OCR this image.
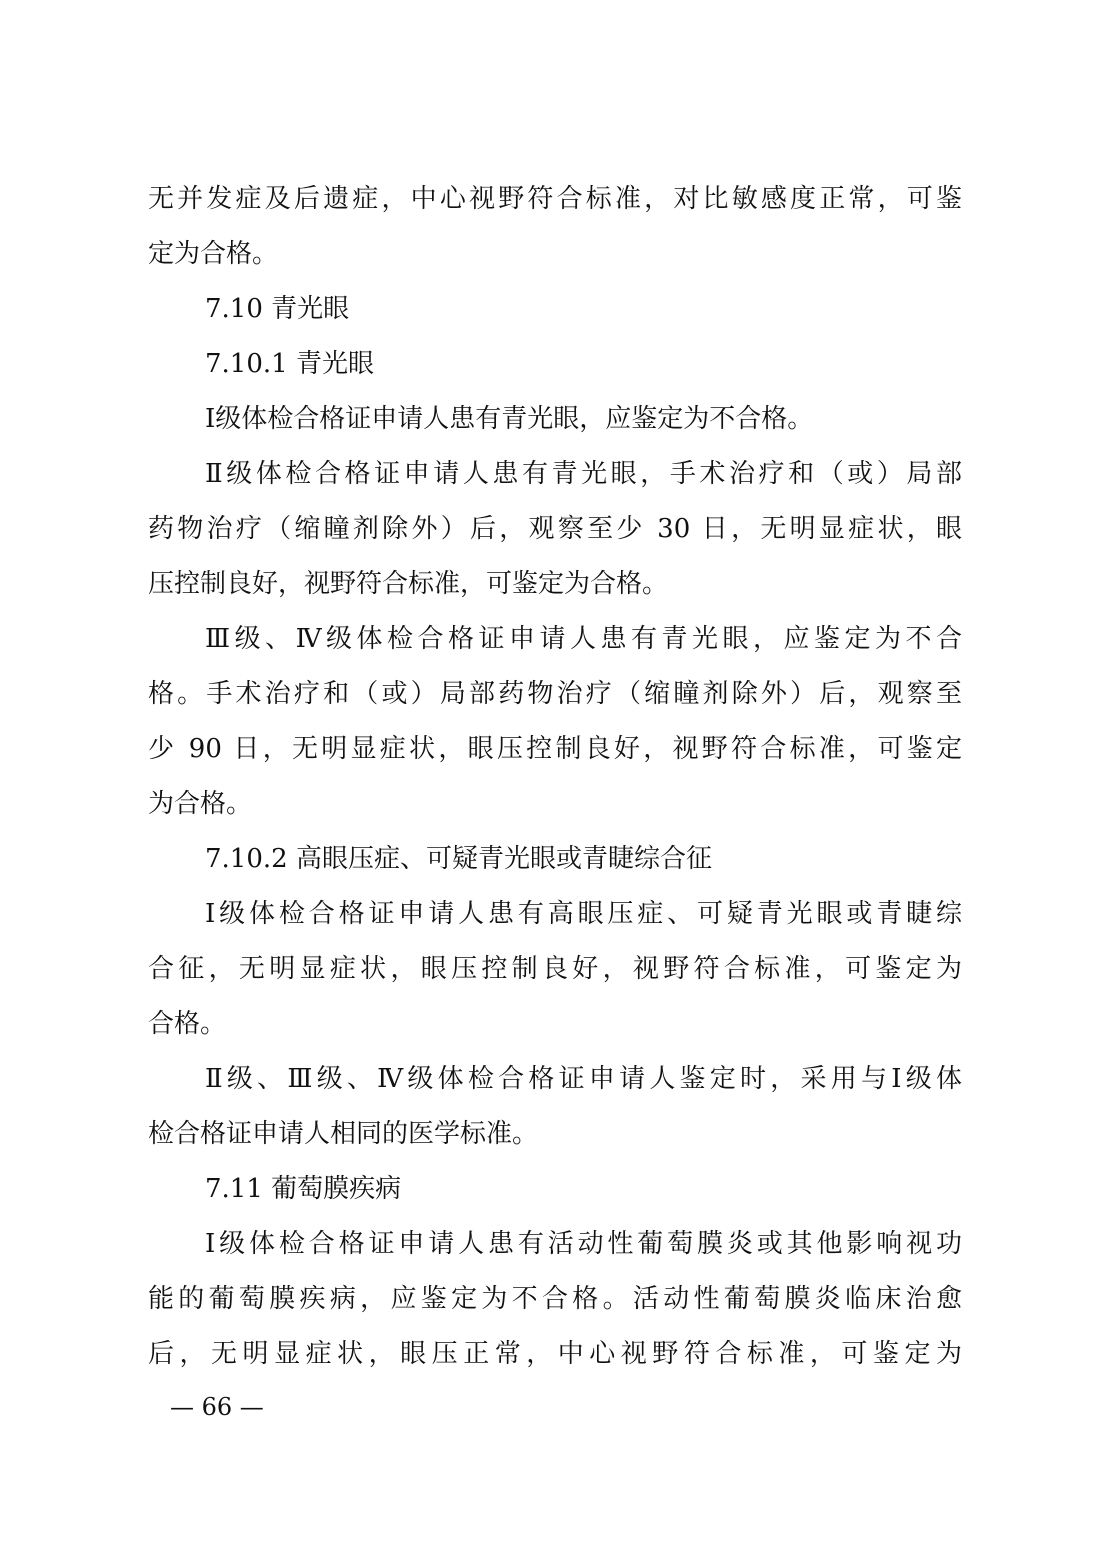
无并发症及后遗症，中心视野符合标准，对比敏感度正常，可鉴
定为合格。
7.10 青光眼
7.10.1 青光眼
Ⅰ级体检合格证申请人患有青光眼，应鉴定为不合格。
Ⅱ级体检合格证申请人患有青光眼，手术治疗和（或）局部
药物治疗（缩瞳剂除外）后，观察至少 30 日，无明显症状，眼
压控制良好，视野符合标准，可鉴定为合格。
Ⅲ级、Ⅳ级体检合格证申请人患有青光眼，应鉴定为不合
格。手术治疗和（或）局部药物治疗（缩瞳剂除外）后，观察至
少 90 日，无明显症状，眼压控制良好，视野符合标准，可鉴定
为合格。
7.10.2 高眼压症、可疑青光眼或青睫综合征
Ⅰ级体检合格证申请人患有高眼压症、可疑青光眼或青睫综
合征，无明显症状，眼压控制良好，视野符合标准，可鉴定为
合格。
Ⅱ级、Ⅲ级、Ⅳ级体检合格证申请人鉴定时，采用与Ⅰ级体
检合格证申请人相同的医学标准。
7.11 葡萄膜疾病
Ⅰ级体检合格证申请人患有活动性葡萄膜炎或其他影响视功
能的葡萄膜疾病，应鉴定为不合格。活动性葡萄膜炎临床治愈
后，无明显症状，眼压正常，中心视野符合标准，可鉴定为
— 66 —
